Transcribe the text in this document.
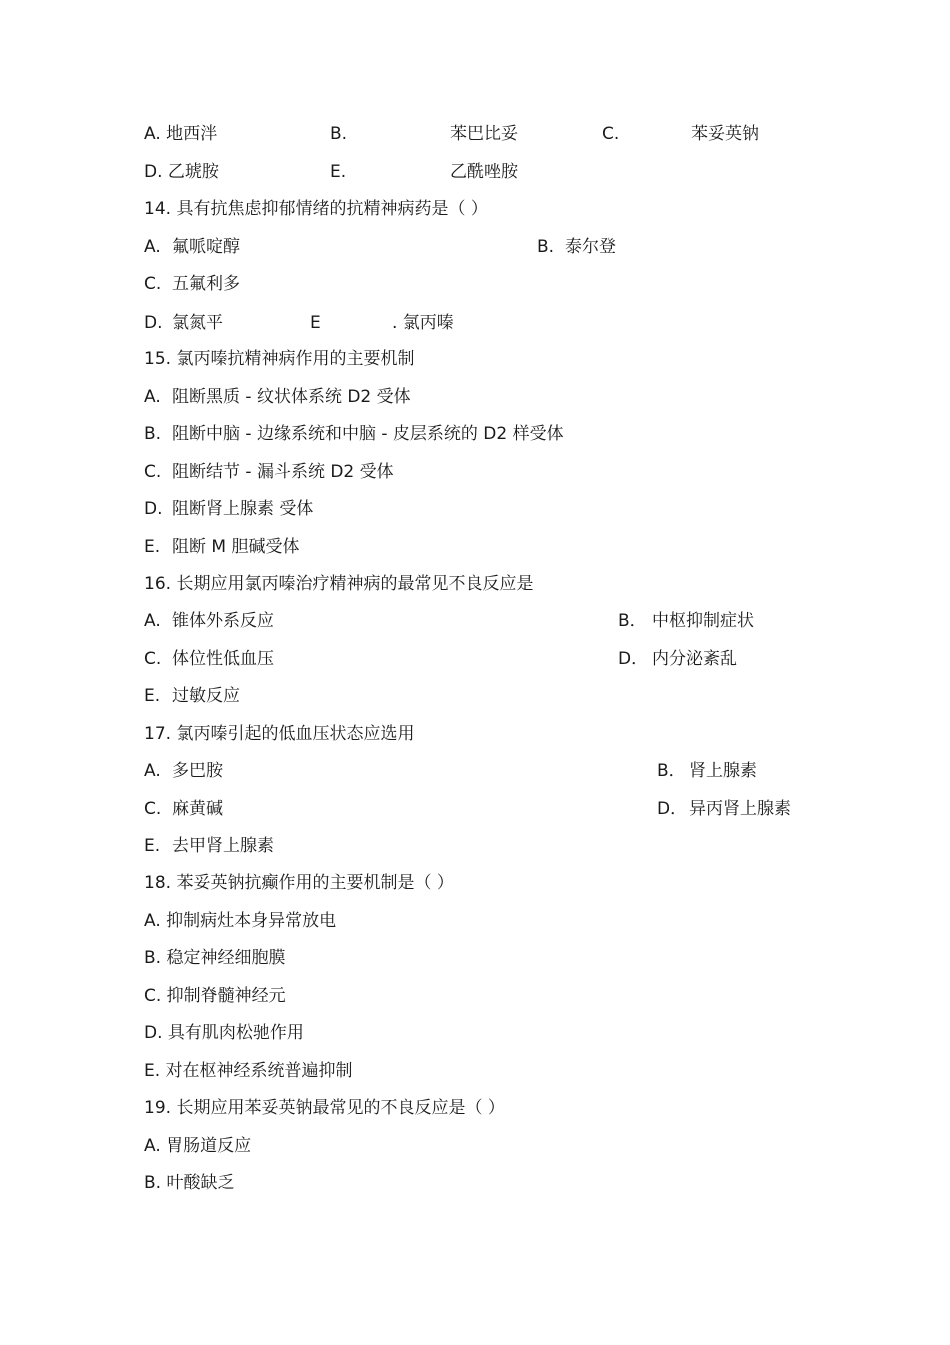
A. 地西泮	B.	苯巴比妥	C.	苯妥英钠
D. 乙琥胺	E.	乙酰唑胺
14. 具有抗焦虑抑郁情绪的抗精神病药是（ ）
A. 氟哌啶醇	B. 泰尔登
C. 五氟利多
D. 氯氮平	E	. 氯丙嗪
15. 氯丙嗪抗精神病作用的主要机制
A. 阻断黑质 - 纹状体系统 D2 受体
B. 阻断中脑 - 边缘系统和中脑 - 皮层系统的 D2 样受体
C. 阻断结节 - 漏斗系统 D2 受体
D. 阻断肾上腺素 受体
E. 阻断 M 胆碱受体
16. 长期应用氯丙嗪治疗精神病的最常见不良反应是
A. 锥体外系反应	B． 中枢抑制症状
C. 体位性低血压	D． 内分泌紊乱
E. 过敏反应
17. 氯丙嗪引起的低血压状态应选用
A. 多巴胺	B． 肾上腺素
C. 麻黄碱	D． 异丙肾上腺素
E. 去甲肾上腺素
18. 苯妥英钠抗癫作用的主要机制是（ ）
A. 抑制病灶本身异常放电
B. 稳定神经细胞膜
C. 抑制脊髓神经元
D. 具有肌肉松驰作用
E. 对在枢神经系统普遍抑制
19. 长期应用苯妥英钠最常见的不良反应是（ ）
A. 胃肠道反应
B. 叶酸缺乏
